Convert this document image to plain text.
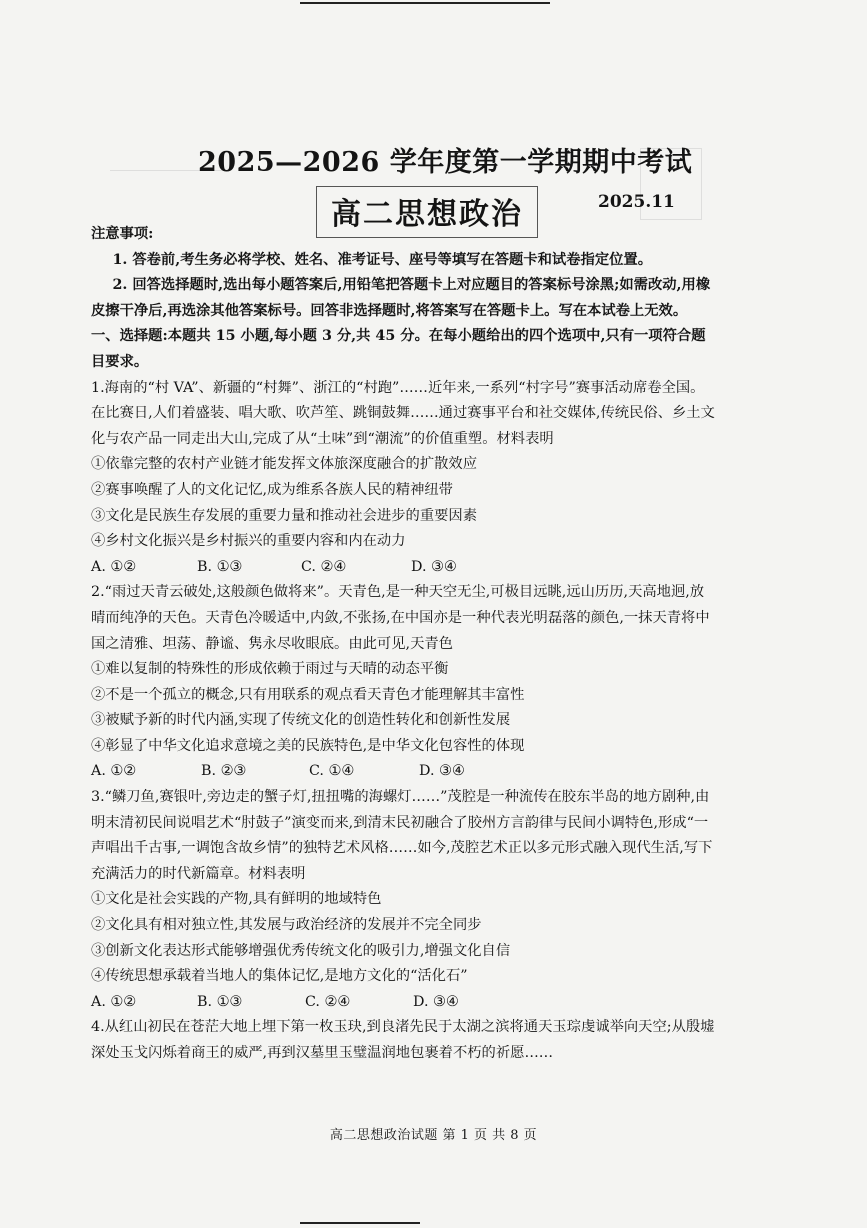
2025—2026 学年度第一学期期中考试
高二思想政治	2025.11

注意事项:

1. 答卷前,考生务必将学校、姓名、准考证号、座号等填写在答题卡和试卷指定位置。

2. 回答选择题时,选出每小题答案后,用铅笔把答题卡上对应题目的答案标号涂黑;如需改动,用橡皮擦干净后,再选涂其他答案标号。回答非选择题时,将答案写在答题卡上。写在本试卷上无效。

一、选择题:本题共 15 小题,每小题 3 分,共 45 分。在每小题给出的四个选项中,只有一项符合题目要求。

1.海南的“村 VA”、新疆的“村舞”、浙江的“村跑”……近年来,一系列“村字号”赛事活动席卷全国。在比赛日,人们着盛装、唱大歌、吹芦笙、跳铜鼓舞……通过赛事平台和社交媒体,传统民俗、乡土文化与农产品一同走出大山,完成了从“土味”到“潮流”的价值重塑。材料表明

①依靠完整的农村产业链才能发挥文体旅深度融合的扩散效应

②赛事唤醒了人的文化记忆,成为维系各族人民的精神纽带

③文化是民族生存发展的重要力量和推动社会进步的重要因素

④乡村文化振兴是乡村振兴的重要内容和内在动力

A. ①②	B. ①③	C. ②④	D. ③④

2.“雨过天青云破处,这般颜色做将来”。天青色,是一种天空无尘,可极目远眺,远山历历,天高地迥,放晴而纯净的天色。天青色冷暖适中,内敛,不张扬,在中国亦是一种代表光明磊落的颜色,一抹天青将中国之清雅、坦荡、静谧、隽永尽收眼底。由此可见,天青色

①难以复制的特殊性的形成依赖于雨过与天晴的动态平衡

②不是一个孤立的概念,只有用联系的观点看天青色才能理解其丰富性

③被赋予新的时代内涵,实现了传统文化的创造性转化和创新性发展

④彰显了中华文化追求意境之美的民族特色,是中华文化包容性的体现

A. ①②	B. ②③	C. ①④	D. ③④

3.“鳞刀鱼,赛银叶,旁边走的蟹子灯,扭扭嘴的海螺灯……”茂腔是一种流传在胶东半岛的地方剧种,由明末清初民间说唱艺术“肘鼓子”演变而来,到清末民初融合了胶州方言韵律与民间小调特色,形成“一声唱出千古事,一调饱含故乡情”的独特艺术风格……如今,茂腔艺术正以多元形式融入现代生活,写下充满活力的时代新篇章。材料表明

①文化是社会实践的产物,具有鲜明的地域特色

②文化具有相对独立性,其发展与政治经济的发展并不完全同步

③创新文化表达形式能够增强优秀传统文化的吸引力,增强文化自信

④传统思想承载着当地人的集体记忆,是地方文化的“活化石”

A. ①②	B. ①③	C. ②④	D. ③④

4.从红山初民在苍茫大地上埋下第一枚玉玦,到良渚先民于太湖之滨将通天玉琮虔诚举向天空;从殷墟深处玉戈闪烁着商王的威严,再到汉墓里玉璧温润地包裹着不朽的祈愿……

高二思想政治试题 第 1 页 共 8 页
